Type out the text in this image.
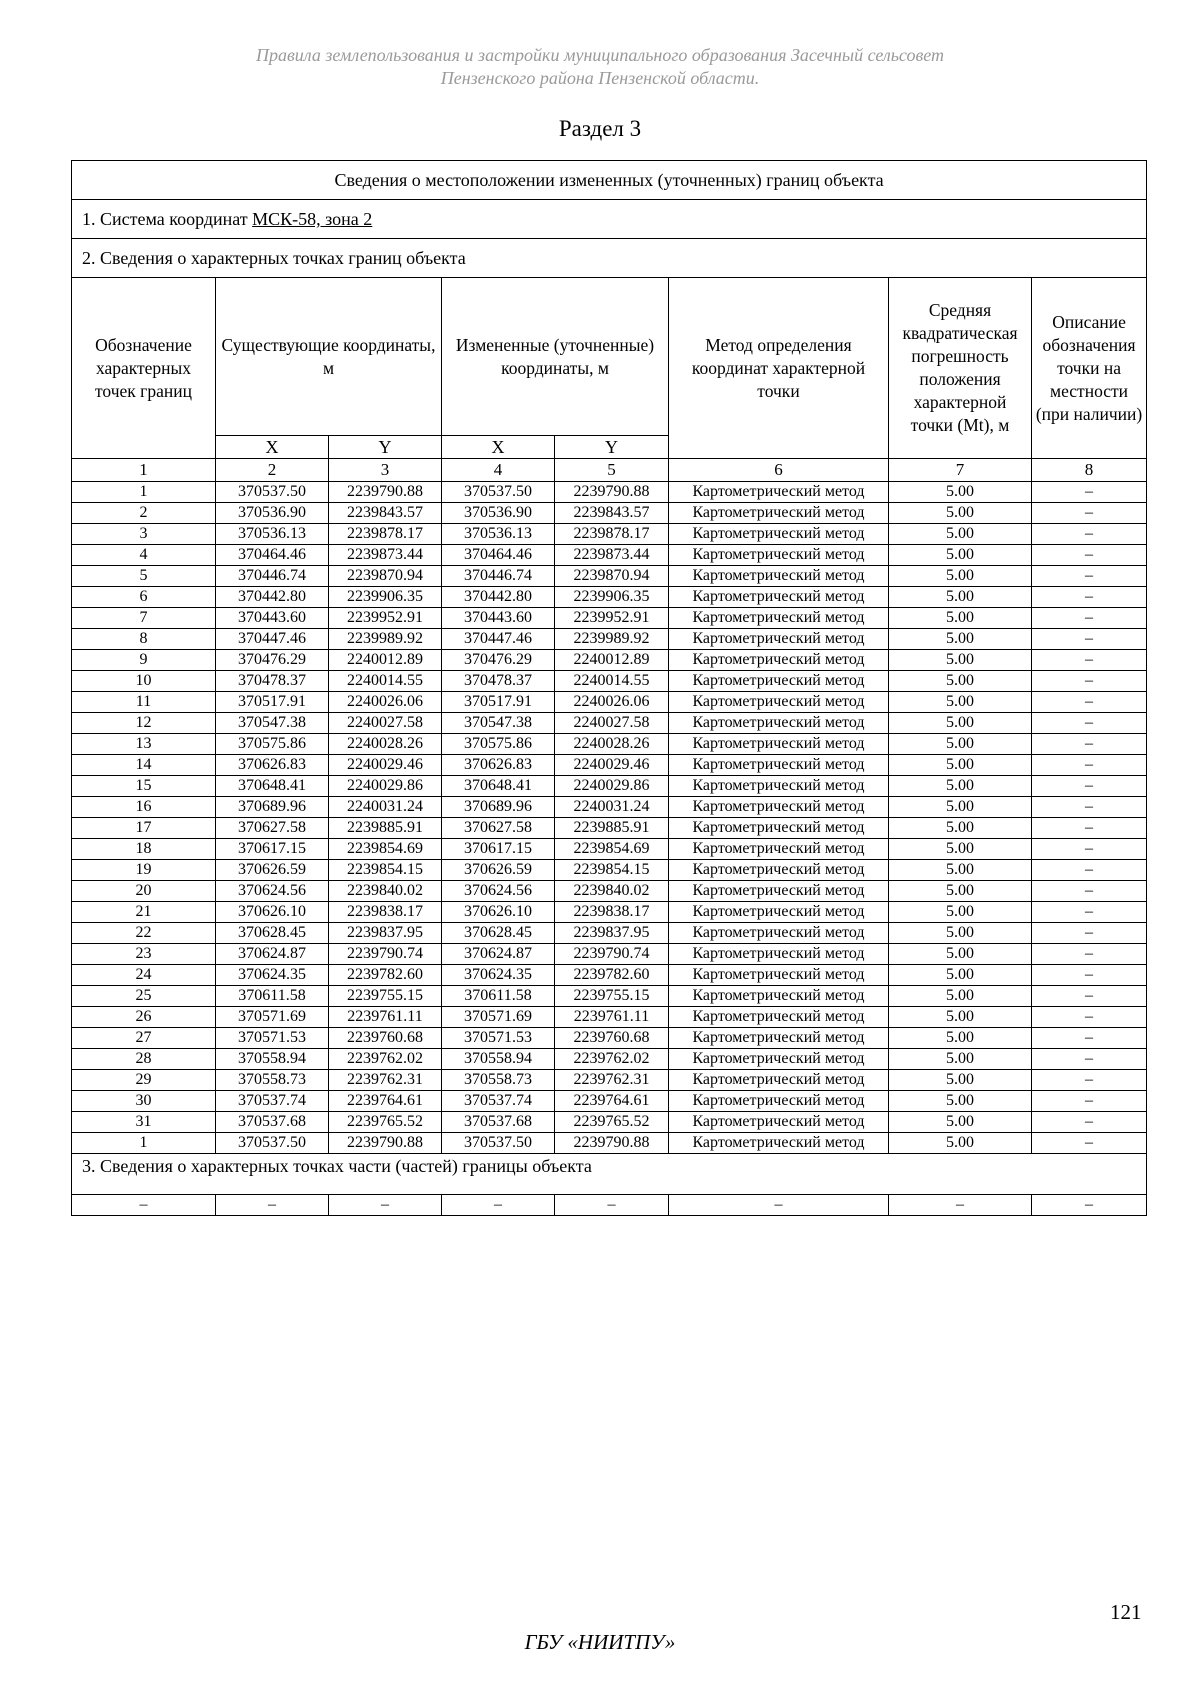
Правила землепользования и застройки муниципального образования Засечный сельсовет
Пензенского района Пензенской области.
Раздел 3
Сведения о местоположении измененных (уточненных) границ объекта							
1. Система координат МСК-58, зона 2							
2. Сведения о характерных точках границ объекта							
Обозначение характерных точек границ	Существующие координаты, м		Измененные (уточненные) координаты, м		Метод определения координат характерной точки	Средняя квадратическая погрешность положения характерной точки (Mt), м	Описание обозначения точки на местности (при наличии)
	X	Y	X	Y			
1	2	3	4	5	6	7	8
1	370537.50	2239790.88	370537.50	2239790.88	Картометрический метод	5.00	–
2	370536.90	2239843.57	370536.90	2239843.57	Картометрический метод	5.00	–
3	370536.13	2239878.17	370536.13	2239878.17	Картометрический метод	5.00	–
4	370464.46	2239873.44	370464.46	2239873.44	Картометрический метод	5.00	–
5	370446.74	2239870.94	370446.74	2239870.94	Картометрический метод	5.00	–
6	370442.80	2239906.35	370442.80	2239906.35	Картометрический метод	5.00	–
7	370443.60	2239952.91	370443.60	2239952.91	Картометрический метод	5.00	–
8	370447.46	2239989.92	370447.46	2239989.92	Картометрический метод	5.00	–
9	370476.29	2240012.89	370476.29	2240012.89	Картометрический метод	5.00	–
10	370478.37	2240014.55	370478.37	2240014.55	Картометрический метод	5.00	–
11	370517.91	2240026.06	370517.91	2240026.06	Картометрический метод	5.00	–
12	370547.38	2240027.58	370547.38	2240027.58	Картометрический метод	5.00	–
13	370575.86	2240028.26	370575.86	2240028.26	Картометрический метод	5.00	–
14	370626.83	2240029.46	370626.83	2240029.46	Картометрический метод	5.00	–
15	370648.41	2240029.86	370648.41	2240029.86	Картометрический метод	5.00	–
16	370689.96	2240031.24	370689.96	2240031.24	Картометрический метод	5.00	–
17	370627.58	2239885.91	370627.58	2239885.91	Картометрический метод	5.00	–
18	370617.15	2239854.69	370617.15	2239854.69	Картометрический метод	5.00	–
19	370626.59	2239854.15	370626.59	2239854.15	Картометрический метод	5.00	–
20	370624.56	2239840.02	370624.56	2239840.02	Картометрический метод	5.00	–
21	370626.10	2239838.17	370626.10	2239838.17	Картометрический метод	5.00	–
22	370628.45	2239837.95	370628.45	2239837.95	Картометрический метод	5.00	–
23	370624.87	2239790.74	370624.87	2239790.74	Картометрический метод	5.00	–
24	370624.35	2239782.60	370624.35	2239782.60	Картометрический метод	5.00	–
25	370611.58	2239755.15	370611.58	2239755.15	Картометрический метод	5.00	–
26	370571.69	2239761.11	370571.69	2239761.11	Картометрический метод	5.00	–
27	370571.53	2239760.68	370571.53	2239760.68	Картометрический метод	5.00	–
28	370558.94	2239762.02	370558.94	2239762.02	Картометрический метод	5.00	–
29	370558.73	2239762.31	370558.73	2239762.31	Картометрический метод	5.00	–
30	370537.74	2239764.61	370537.74	2239764.61	Картометрический метод	5.00	–
31	370537.68	2239765.52	370537.68	2239765.52	Картометрический метод	5.00	–
1	370537.50	2239790.88	370537.50	2239790.88	Картометрический метод	5.00	–
3. Сведения о характерных точках части (частей) границы объекта							
–	–	–	–	–	–	–	–
121
ГБУ «НИИТПУ»
